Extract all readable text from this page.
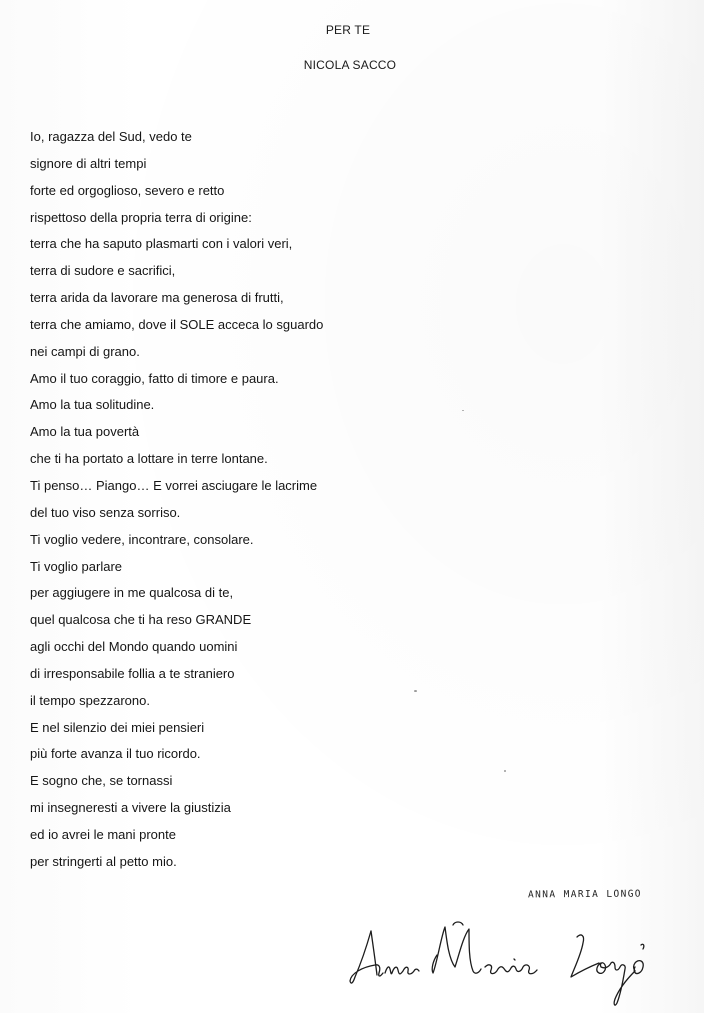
PER TE
NICOLA SACCO
Io, ragazza del Sud, vedo te
signore di altri tempi
forte ed orgoglioso, severo e retto
rispettoso della propria terra di origine:
terra che ha saputo plasmarti con i valori veri,
terra di sudore e sacrifici,
terra arida da lavorare ma generosa di frutti,
terra che amiamo, dove il SOLE acceca lo sguardo
nei campi di grano.
Amo il tuo coraggio, fatto di timore e paura.
Amo la tua solitudine.
Amo la tua povertà
che ti ha portato a lottare in terre lontane.
Ti penso… Piango… E vorrei asciugare le lacrime
del tuo viso senza sorriso.
Ti voglio vedere, incontrare, consolare.
Ti voglio parlare
per aggiugere in me qualcosa di te,
quel qualcosa che ti ha reso GRANDE
agli occhi del Mondo quando uomini
di irresponsabile follia a te straniero
il tempo spezzarono.
E nel silenzio dei miei pensieri
più forte avanza il tuo ricordo.
E sogno che, se tornassi
mi insegneresti a vivere la giustizia
ed io avrei le mani pronte
per stringerti al petto mio.
ANNA MARIA LONGO
